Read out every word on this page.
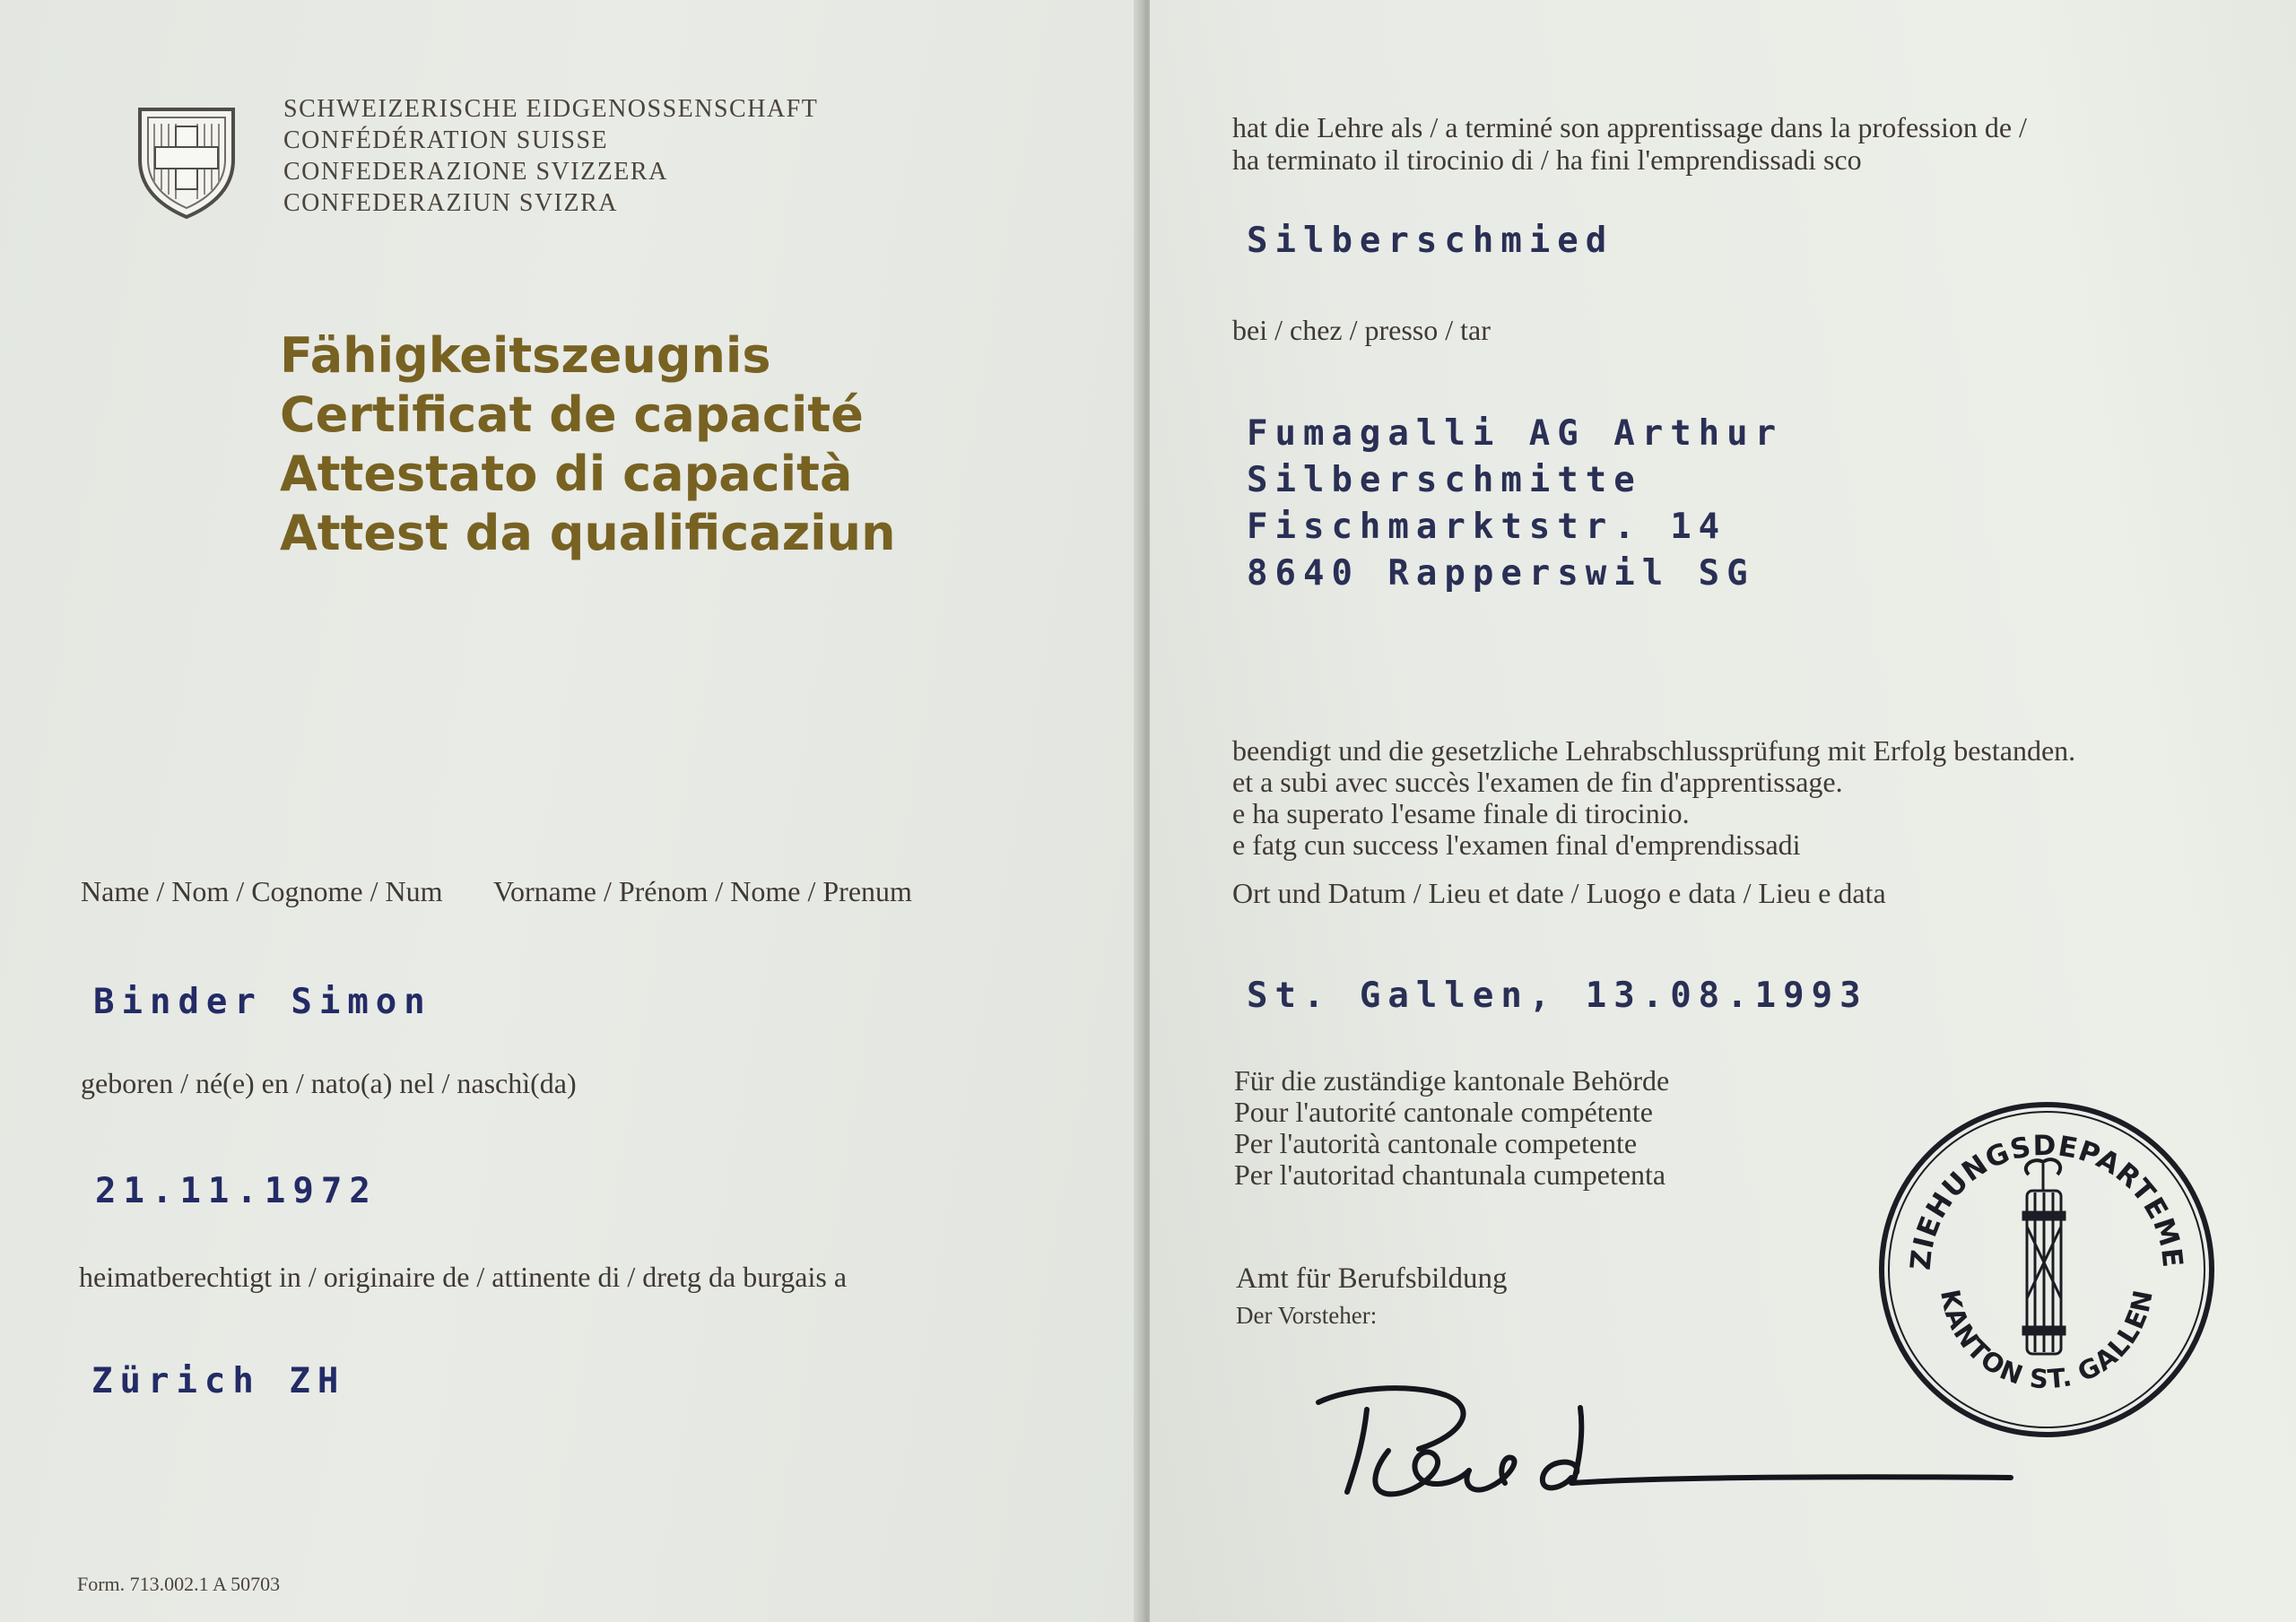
SCHWEIZERISCHE EIDGENOSSENSCHAFT
CONFÉDÉRATION SUISSE
CONFEDERAZIONE SVIZZERA
CONFEDERAZIUN SVIZRA
Fähigkeitszeugnis
Certificat de capacité
Attestato di capacità
Attest da qualificaziun
Name / Nom / Cognome / Num Vorname / Prénom / Nome / Prenum
Binder Simon
geboren / né(e) en / nato(a) nel / naschì(da)
21.11.1972
heimatberechtigt in / originaire de / attinente di / dretg da burgais a
Zürich ZH
Form. 713.002.1 A 50703
hat die Lehre als / a terminé son apprentissage dans la profession de /
ha terminato il tirocinio di / ha fini l'emprendissadi sco
Silberschmied
bei / chez / presso / tar
Fumagalli AG Arthur
Silberschmitte
Fischmarktstr. 14
8640 Rapperswil SG
beendigt und die gesetzliche Lehrabschlussprüfung mit Erfolg bestanden.
et a subi avec succès l'examen de fin d'apprentissage.
e ha superato l'esame finale di tirocinio.
e fatg cun success l'examen final d'emprendissadi
Ort und Datum / Lieu et date / Luogo e data / Lieu e data
St. Gallen, 13.08.1993
Für die zuständige kantonale Behörde
Pour l'autorité cantonale compétente
Per l'autorità cantonale competente
Per l'autoritad chantunala cumpetenta
Amt für Berufsbildung
Der Vorsteher:
ZIEHUNGSDEPARTEME
KANTON ST. GALLEN
